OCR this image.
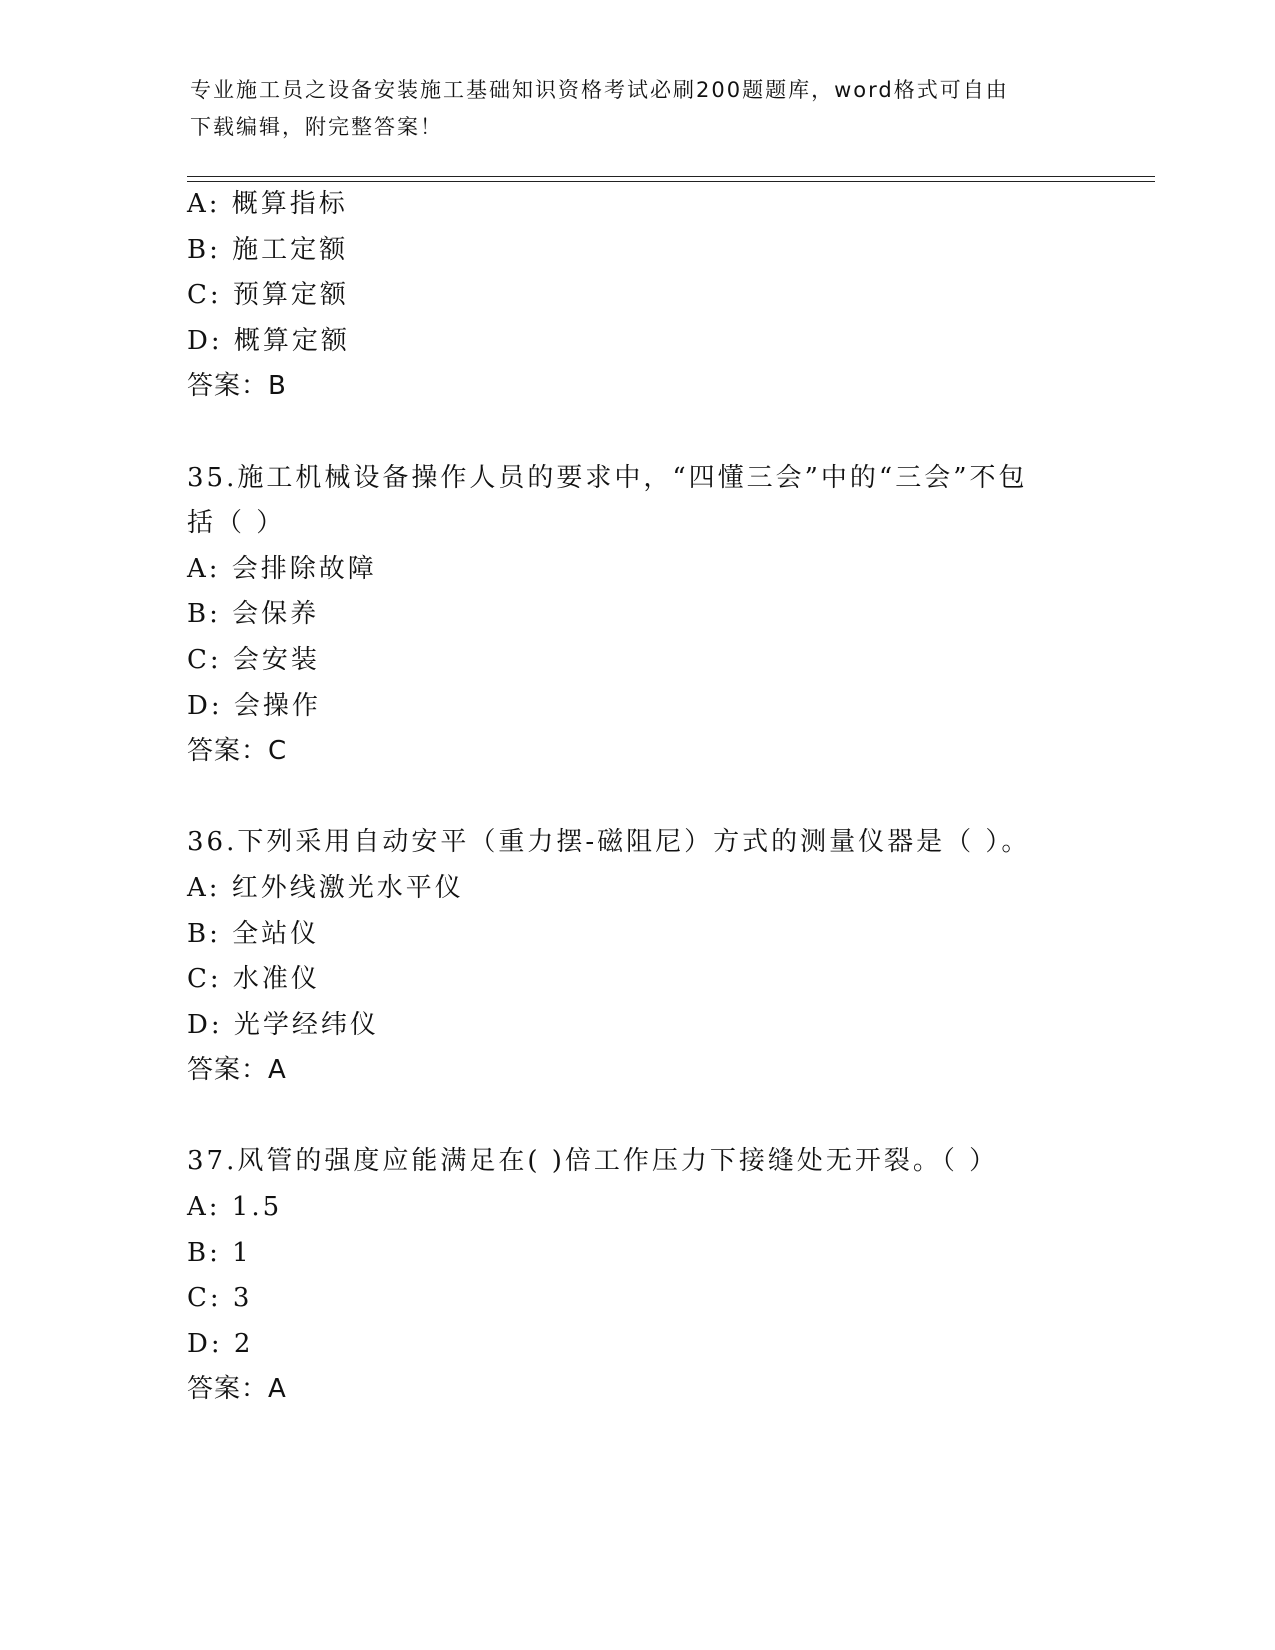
专业施工员之设备安装施工基础知识资格考试必刷200题题库，word格式可自由
下载编辑，附完整答案！
A: 概算指标
B: 施工定额
C: 预算定额
D: 概算定额
答案：B
35.施工机械设备操作人员的要求中，“四懂三会”中的“三会”不包
括（ ）
A: 会排除故障
B: 会保养
C: 会安装
D: 会操作
答案：C
36.下列采用自动安平（重力摆-磁阻尼）方式的测量仪器是（ ）。
A: 红外线激光水平仪
B: 全站仪
C: 水准仪
D: 光学经纬仪
答案：A
37.风管的强度应能满足在( )倍工作压力下接缝处无开裂。（ ）
A: 1.5
B: 1
C: 3
D: 2
答案：A
